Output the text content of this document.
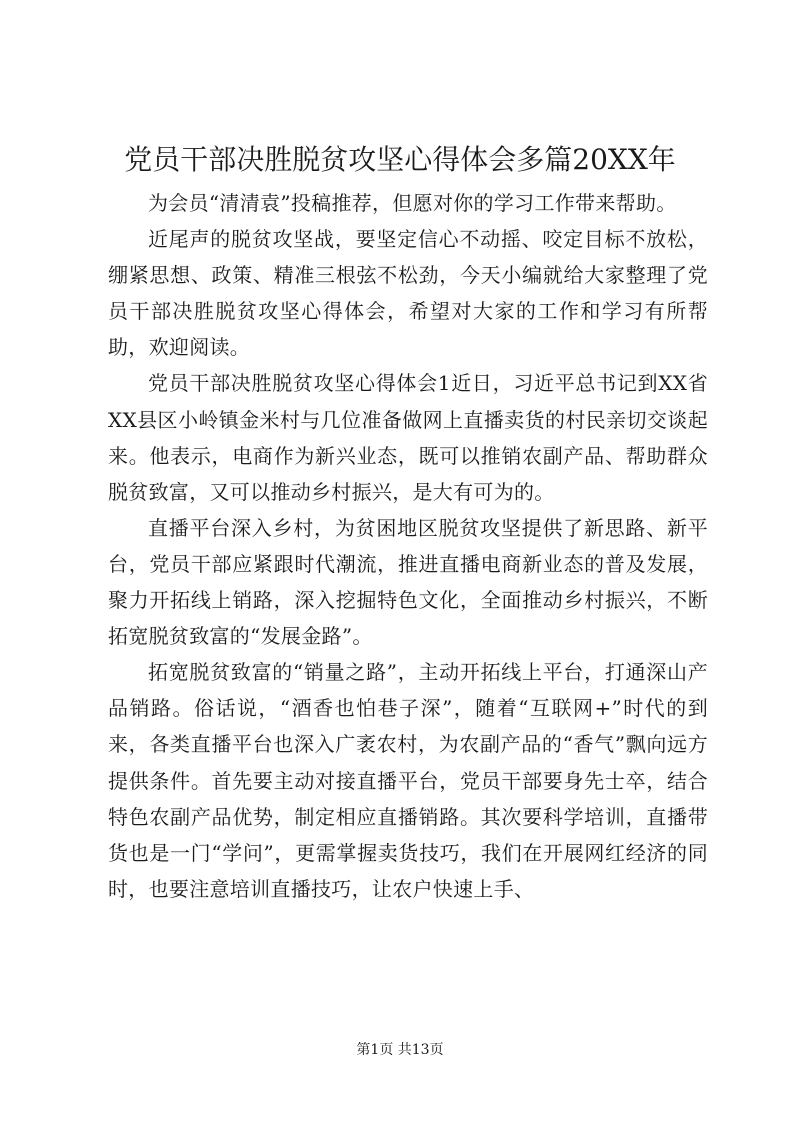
党员干部决胜脱贫攻坚心得体会多篇20XX年

为会员“清清袁”投稿推荐，但愿对你的学习工作带来帮助。

近尾声的脱贫攻坚战，要坚定信心不动摇、咬定目标不放松，绷紧思想、政策、精准三根弦不松劲，今天小编就给大家整理了党员干部决胜脱贫攻坚心得体会，希望对大家的工作和学习有所帮助，欢迎阅读。

党员干部决胜脱贫攻坚心得体会1近日，习近平总书记到XX省XX县区小岭镇金米村与几位准备做网上直播卖货的村民亲切交谈起来。他表示，电商作为新兴业态，既可以推销农副产品、帮助群众脱贫致富，又可以推动乡村振兴，是大有可为的。

直播平台深入乡村，为贫困地区脱贫攻坚提供了新思路、新平台，党员干部应紧跟时代潮流，推进直播电商新业态的普及发展，聚力开拓线上销路，深入挖掘特色文化，全面推动乡村振兴，不断拓宽脱贫致富的“发展金路”。

拓宽脱贫致富的“销量之路”，主动开拓线上平台，打通深山产品销路。俗话说，“酒香也怕巷子深”，随着“互联网+”时代的到来，各类直播平台也深入广袤农村，为农副产品的“香气”飘向远方提供条件。首先要主动对接直播平台，党员干部要身先士卒，结合特色农副产品优势，制定相应直播销路。其次要科学培训，直播带货也是一门“学问”，更需掌握卖货技巧，我们在开展网红经济的同时，也要注意培训直播技巧，让农户快速上手、

第1页 共13页
